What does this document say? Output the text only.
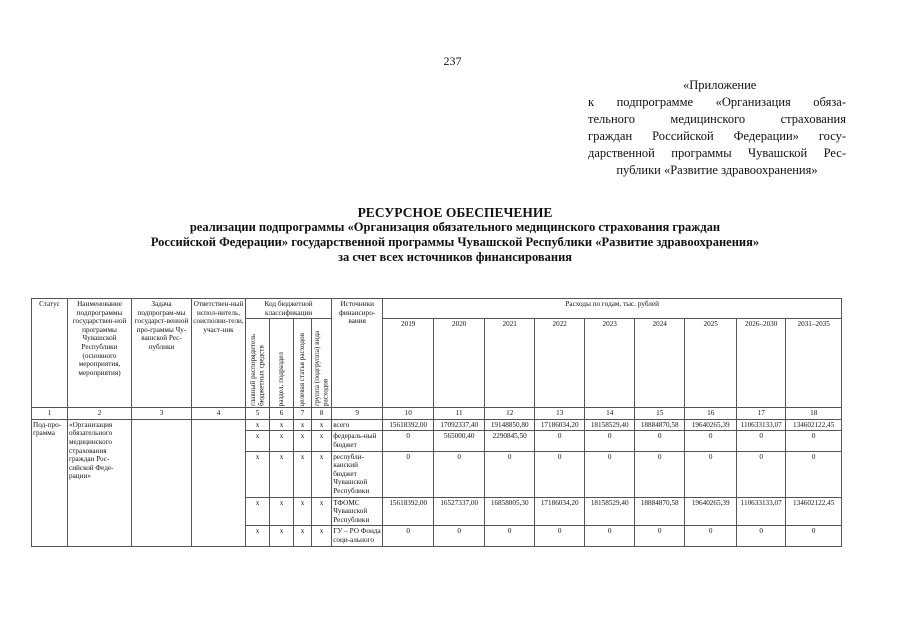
237
«Приложение
к подпрограмме «Организация обяза-
тельного медицинского страхования
граждан Российской Федерации» госу-
дарственной программы Чувашской Рес-
публики «Развитие здравоохранения»
РЕСУРСНОЕ ОБЕСПЕЧЕНИЕ
реализации подпрограммы «Организация обязательного медицинского страхования граждан
Российской Федерации» государственной программы Чувашской Республики «Развитие здравоохранения»
за счет всех источников финансирования
Статус	Наименование подпрограммы государствен-ной программы Чувашской Республики (основного мероприятия, мероприятия)	Задача подпрограм-мы государст-венной про-граммы Чу-вашской Рес-публики	Ответствен-ный испол-нитель, соисполни-тели, участ-ник	Код бюджетной классификации				Источники финансиро-вания	Расходы по годам, тыс. рублей								

				главный распорядитель бюджетных средств	раздел, подраздел	целевая статья расходов	группа (подгруппа) вида расходов		2019	2020	2021	2022	2023	2024	2025	2026–2030	2031–2035

1	2	3	4	5	6	7	8	9	10	11	12	13	14	15	16	17	18
Под-про-грамма	«Организация обязательного медицинского страхования граждан Рос-сийской Феде-рации»			x	x	x	x	всего	15618392,00	17092337,40	19148850,80	17186034,20	18158529,40	18884870,58	19640265,39	110633133,07	134602122,45
				x	x	x	x	федераль-ный бюджет	0	565000,40	2290845,50	0	0	0	0	0	0
				x	x	x	x	республи-канский бюджет Чувашской Республики	0	0	0	0	0	0	0	0	0
				x	x	x	x	ТФОМС Чувашской Республики	15618392,00	16527337,00	16858005,30	17186034,20	18158529,40	18884870,58	19640265,39	110633133,07	134602122,45
				x	x	x	x	ГУ – РО Фонда соци-ального	0	0	0	0	0	0	0	0	0
